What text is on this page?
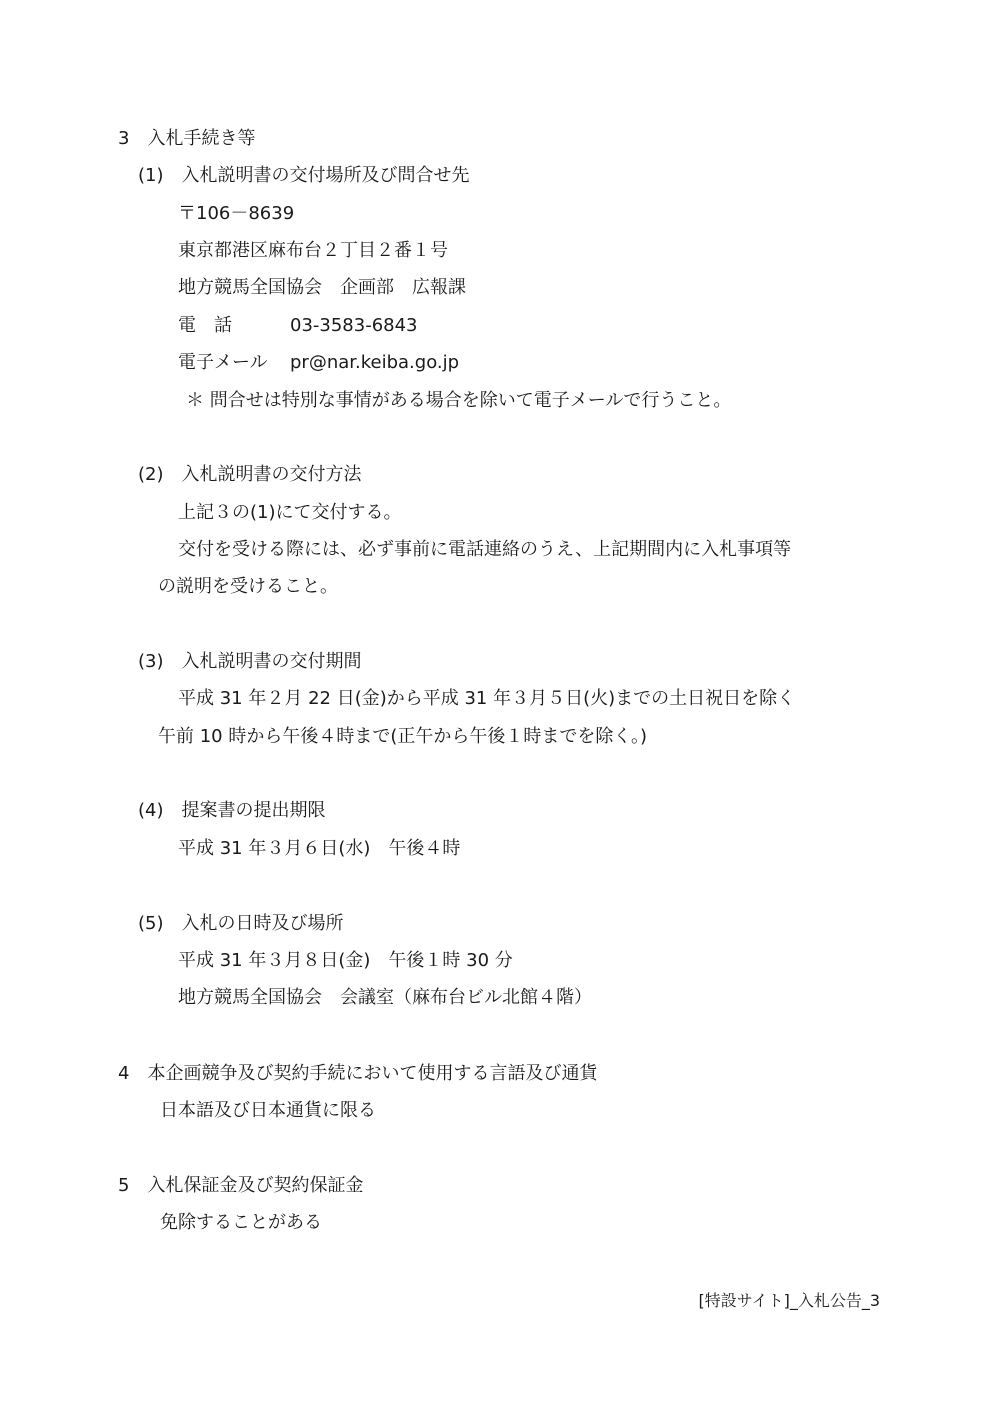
3　入札手続き等
(1)　入札説明書の交付場所及び問合せ先
〒106－8639
東京都港区麻布台２丁目２番１号
地方競馬全国協会　企画部　広報課
電　話	03-3583-6843
電子メール pr@nar.keiba.go.jp
＊ 問合せは特別な事情がある場合を除いて電子メールで行うこと。
(2)　入札説明書の交付方法
上記３の(1)にて交付する。
交付を受ける際には、必ず事前に電話連絡のうえ、上記期間内に入札事項等
の説明を受けること。
(3)　入札説明書の交付期間
平成 31 年２月 22 日(金)から平成 31 年３月５日(火)までの土日祝日を除く
午前 10 時から午後４時まで(正午から午後１時までを除く。)
(4)　提案書の提出期限
平成 31 年３月６日(水)　午後４時
(5)　入札の日時及び場所
平成 31 年３月８日(金)　午後１時 30 分
地方競馬全国協会　会議室（麻布台ビル北館４階）
4　本企画競争及び契約手続において使用する言語及び通貨
日本語及び日本通貨に限る
5　入札保証金及び契約保証金
免除することがある
[特設サイト]_入札公告_3
